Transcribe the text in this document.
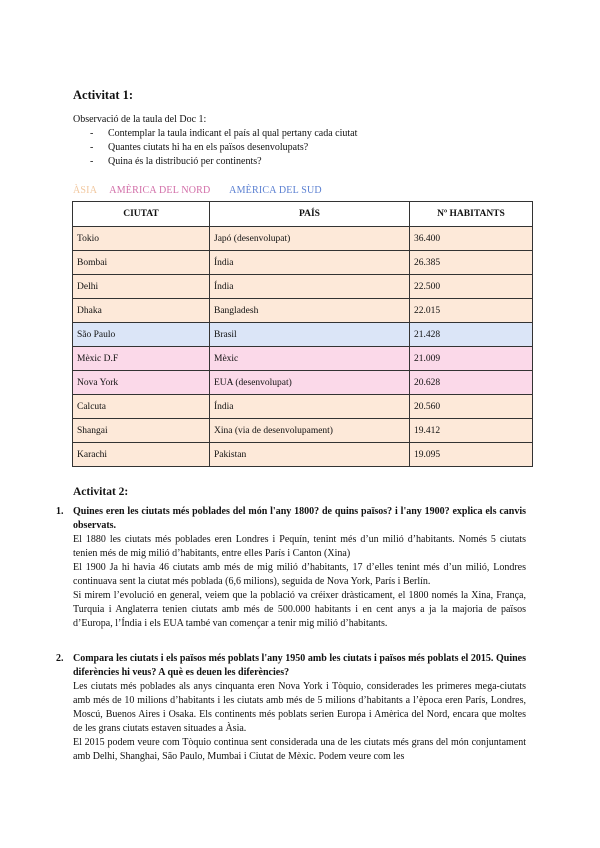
Activitat 1:
Observació de la taula del Doc 1:
- Contemplar la taula indicant el país al qual pertany cada ciutat
- Quantes ciutats hi ha en els països desenvolupats?
- Quina és la distribució per continents?
ÀSIA AMÈRICA DEL NORD AMÈRICA DEL SUD
CIUTAT	PAÍS	Nº HABITANTS
Tokio	Japó (desenvolupat)	36.400
Bombai	Índia	26.385
Delhi	Índia	22.500
Dhaka	Bangladesh	22.015
São Paulo	Brasil	21.428
Mèxic D.F	Mèxic	21.009
Nova York	EUA (desenvolupat)	20.628
Calcuta	Índia	20.560
Shangai	Xina (via de desenvolupament)	19.412
Karachi	Pakistan	19.095
Activitat 2:
1. Quines eren les ciutats més poblades del món l'any 1800? de quins països? i l'any 1900? explica els canvis observats.

El 1880 les ciutats més poblades eren Londres i Pequín, tenint més d’un milió d’habitants. Només 5 ciutats tenien més de mig milió d’habitants, entre elles París i Canton (Xina)

El 1900 Ja hi havia 46 ciutats amb més de mig milió d’habitants, 17 d’elles tenint més d’un milió, Londres continuava sent la ciutat més poblada (6,6 milions), seguida de Nova York, París i Berlín.

Si mirem l’evolució en general, veiem que la població va créixer dràsticament, el 1800 només la Xina, França, Turquia i Anglaterra tenien ciutats amb més de 500.000 habitants i en cent anys a ja la majoria de països d’Europa, l’Índia i els EUA també van començar a tenir mig milió d’habitants.

2. Compara les ciutats i els països més poblats l'any 1950 amb les ciutats i països més poblats el 2015. Quines diferències hi veus? A què es deuen les diferències?

Les ciutats més poblades als anys cinquanta eren Nova York i Tòquio, considerades les primeres mega-ciutats amb més de 10 milions d’habitants i les ciutats amb més de 5 milions d’habitants a l’època eren París, Londres, Moscú, Buenos Aires i Osaka. Els continents més poblats serien Europa i Amèrica del Nord, encara que moltes de les grans ciutats estaven situades a Àsia.

El 2015 podem veure com Tòquio continua sent considerada una de les ciutats més grans del món conjuntament amb Delhi, Shanghai, São Paulo, Mumbai i Ciutat de Mèxic. Podem veure com les
